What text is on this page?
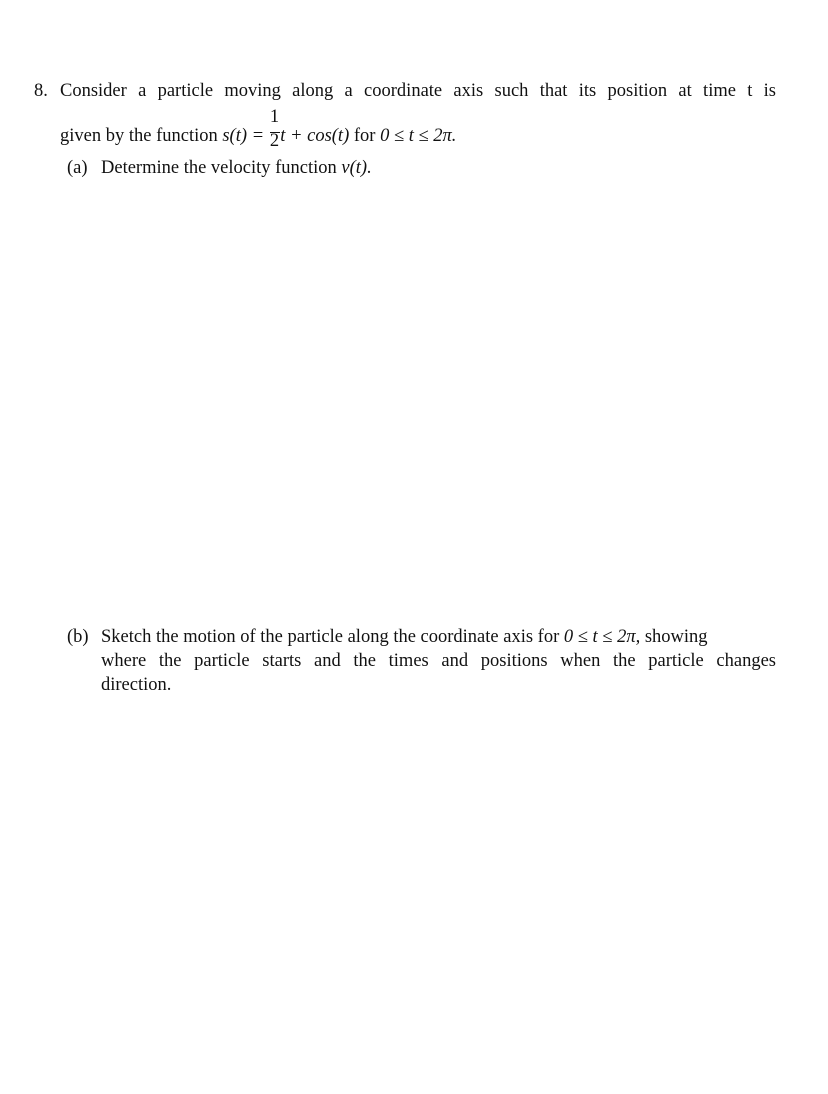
8. Consider a particle moving along a coordinate axis such that its position at time t is
given by the function $s(t) = \frac{1}{2}$ t + cos(t) for 0 ≤ t ≤ 2π.
(a) Determine the velocity function v(t).
(b) Sketch the motion of the particle along the coordinate axis for 0 ≤ t ≤ 2π, showing
where the particle starts and the times and positions when the particle changes
direction.
